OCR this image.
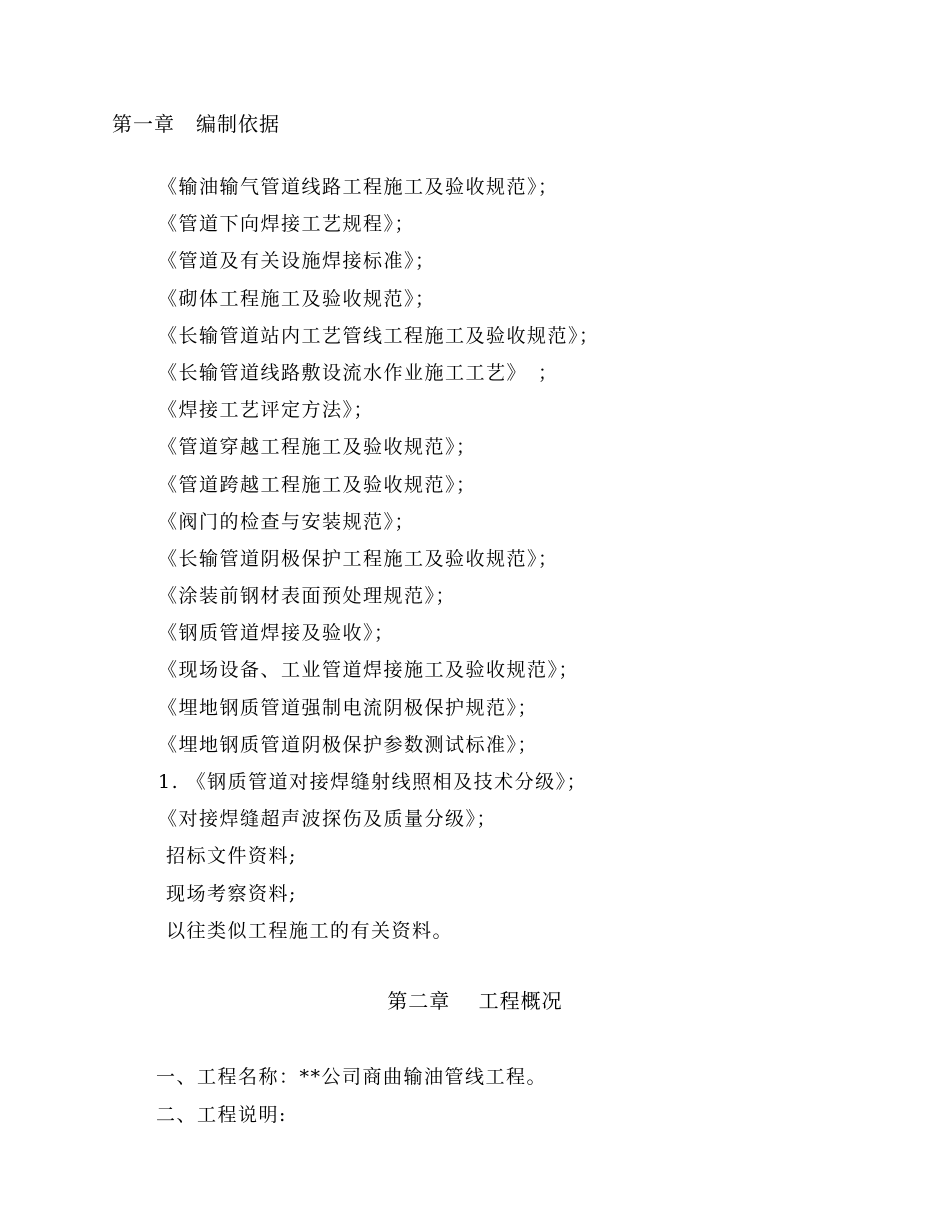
第一章　编制依据
《输油输气管道线路工程施工及验收规范》；
《管道下向焊接工艺规程》；
《管道及有关设施焊接标准》；
《砌体工程施工及验收规范》；
《长输管道站内工艺管线工程施工及验收规范》；
《长输管道线路敷设流水作业施工工艺》　；
《焊接工艺评定方法》；
《管道穿越工程施工及验收规范》；
《管道跨越工程施工及验收规范》；
《阀门的检查与安装规范》；
《长输管道阴极保护工程施工及验收规范》；
《涂装前钢材表面预处理规范》；
《钢质管道焊接及验收》；
《现场设备、工业管道焊接施工及验收规范》；
《埋地钢质管道强制电流阴极保护规范》；
《埋地钢质管道阴极保护参数测试标准》；
1. 《钢质管道对接焊缝射线照相及技术分级》；
《对接焊缝超声波探伤及质量分级》；
招标文件资料;
现场考察资料;
以往类似工程施工的有关资料。
第二章　 工程概况
一、工程名称：**公司商曲输油管线工程。
二、工程说明:
